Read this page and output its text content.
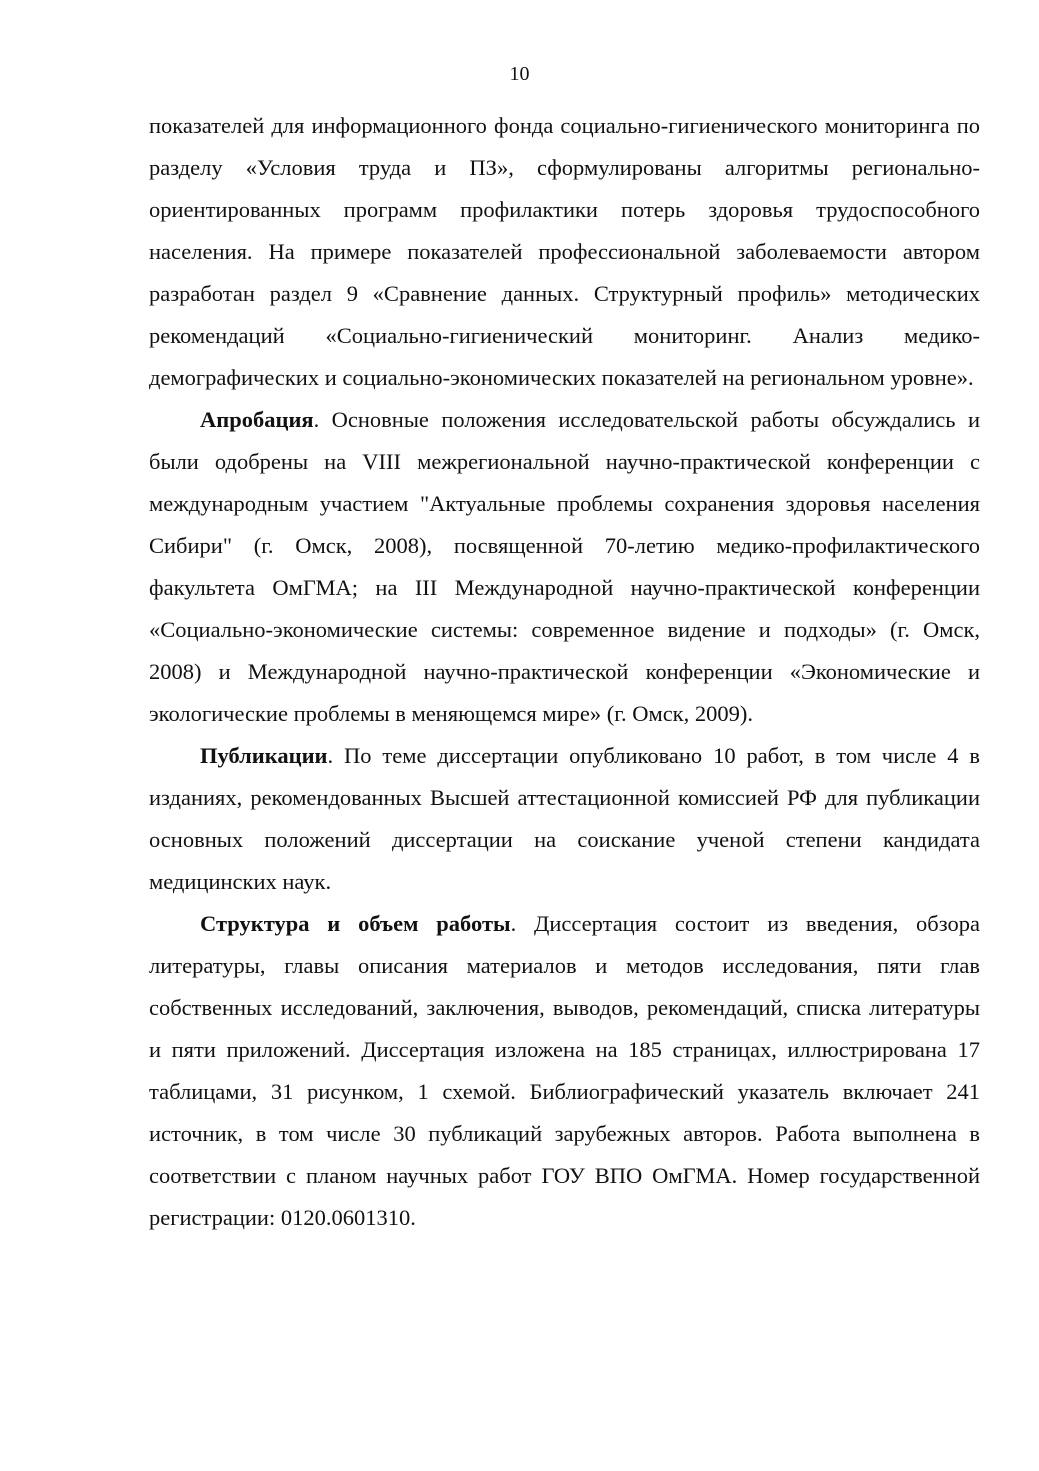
10

показателей для информационного фонда социально-гигиенического мониторинга по разделу «Условия труда и ПЗ», сформулированы алгоритмы регионально-ориентированных программ профилактики потерь здоровья трудоспособного населения. На примере показателей профессиональной заболеваемости автором разработан раздел 9 «Сравнение данных. Структурный профиль» методических рекомендаций «Социально-гигиенический мониторинг. Анализ медико-демографических и социально-экономических показателей на региональном уровне».

Апробация. Основные положения исследовательской работы обсуждались и были одобрены на VIII межрегиональной научно-практической конференции с международным участием "Актуальные проблемы сохранения здоровья населения Сибири" (г. Омск, 2008), посвященной 70-летию медико-профилактического факультета ОмГМА; на III Международной научно-практической конференции «Социально-экономические системы: современное видение и подходы» (г. Омск, 2008) и Международной научно-практической конференции «Экономические и экологические проблемы в меняющемся мире» (г. Омск, 2009).

Публикации. По теме диссертации опубликовано 10 работ, в том числе 4 в изданиях, рекомендованных Высшей аттестационной комиссией РФ для публикации основных положений диссертации на соискание ученой степени кандидата медицинских наук.

Структура и объем работы. Диссертация состоит из введения, обзора литературы, главы описания материалов и методов исследования, пяти глав собственных исследований, заключения, выводов, рекомендаций, списка литературы и пяти приложений. Диссертация изложена на 185 страницах, иллюстрирована 17 таблицами, 31 рисунком, 1 схемой. Библиографический указатель включает 241 источник, в том числе 30 публикаций зарубежных авторов. Работа выполнена в соответствии с планом научных работ ГОУ ВПО ОмГМА. Номер государственной регистрации: 0120.0601310.
